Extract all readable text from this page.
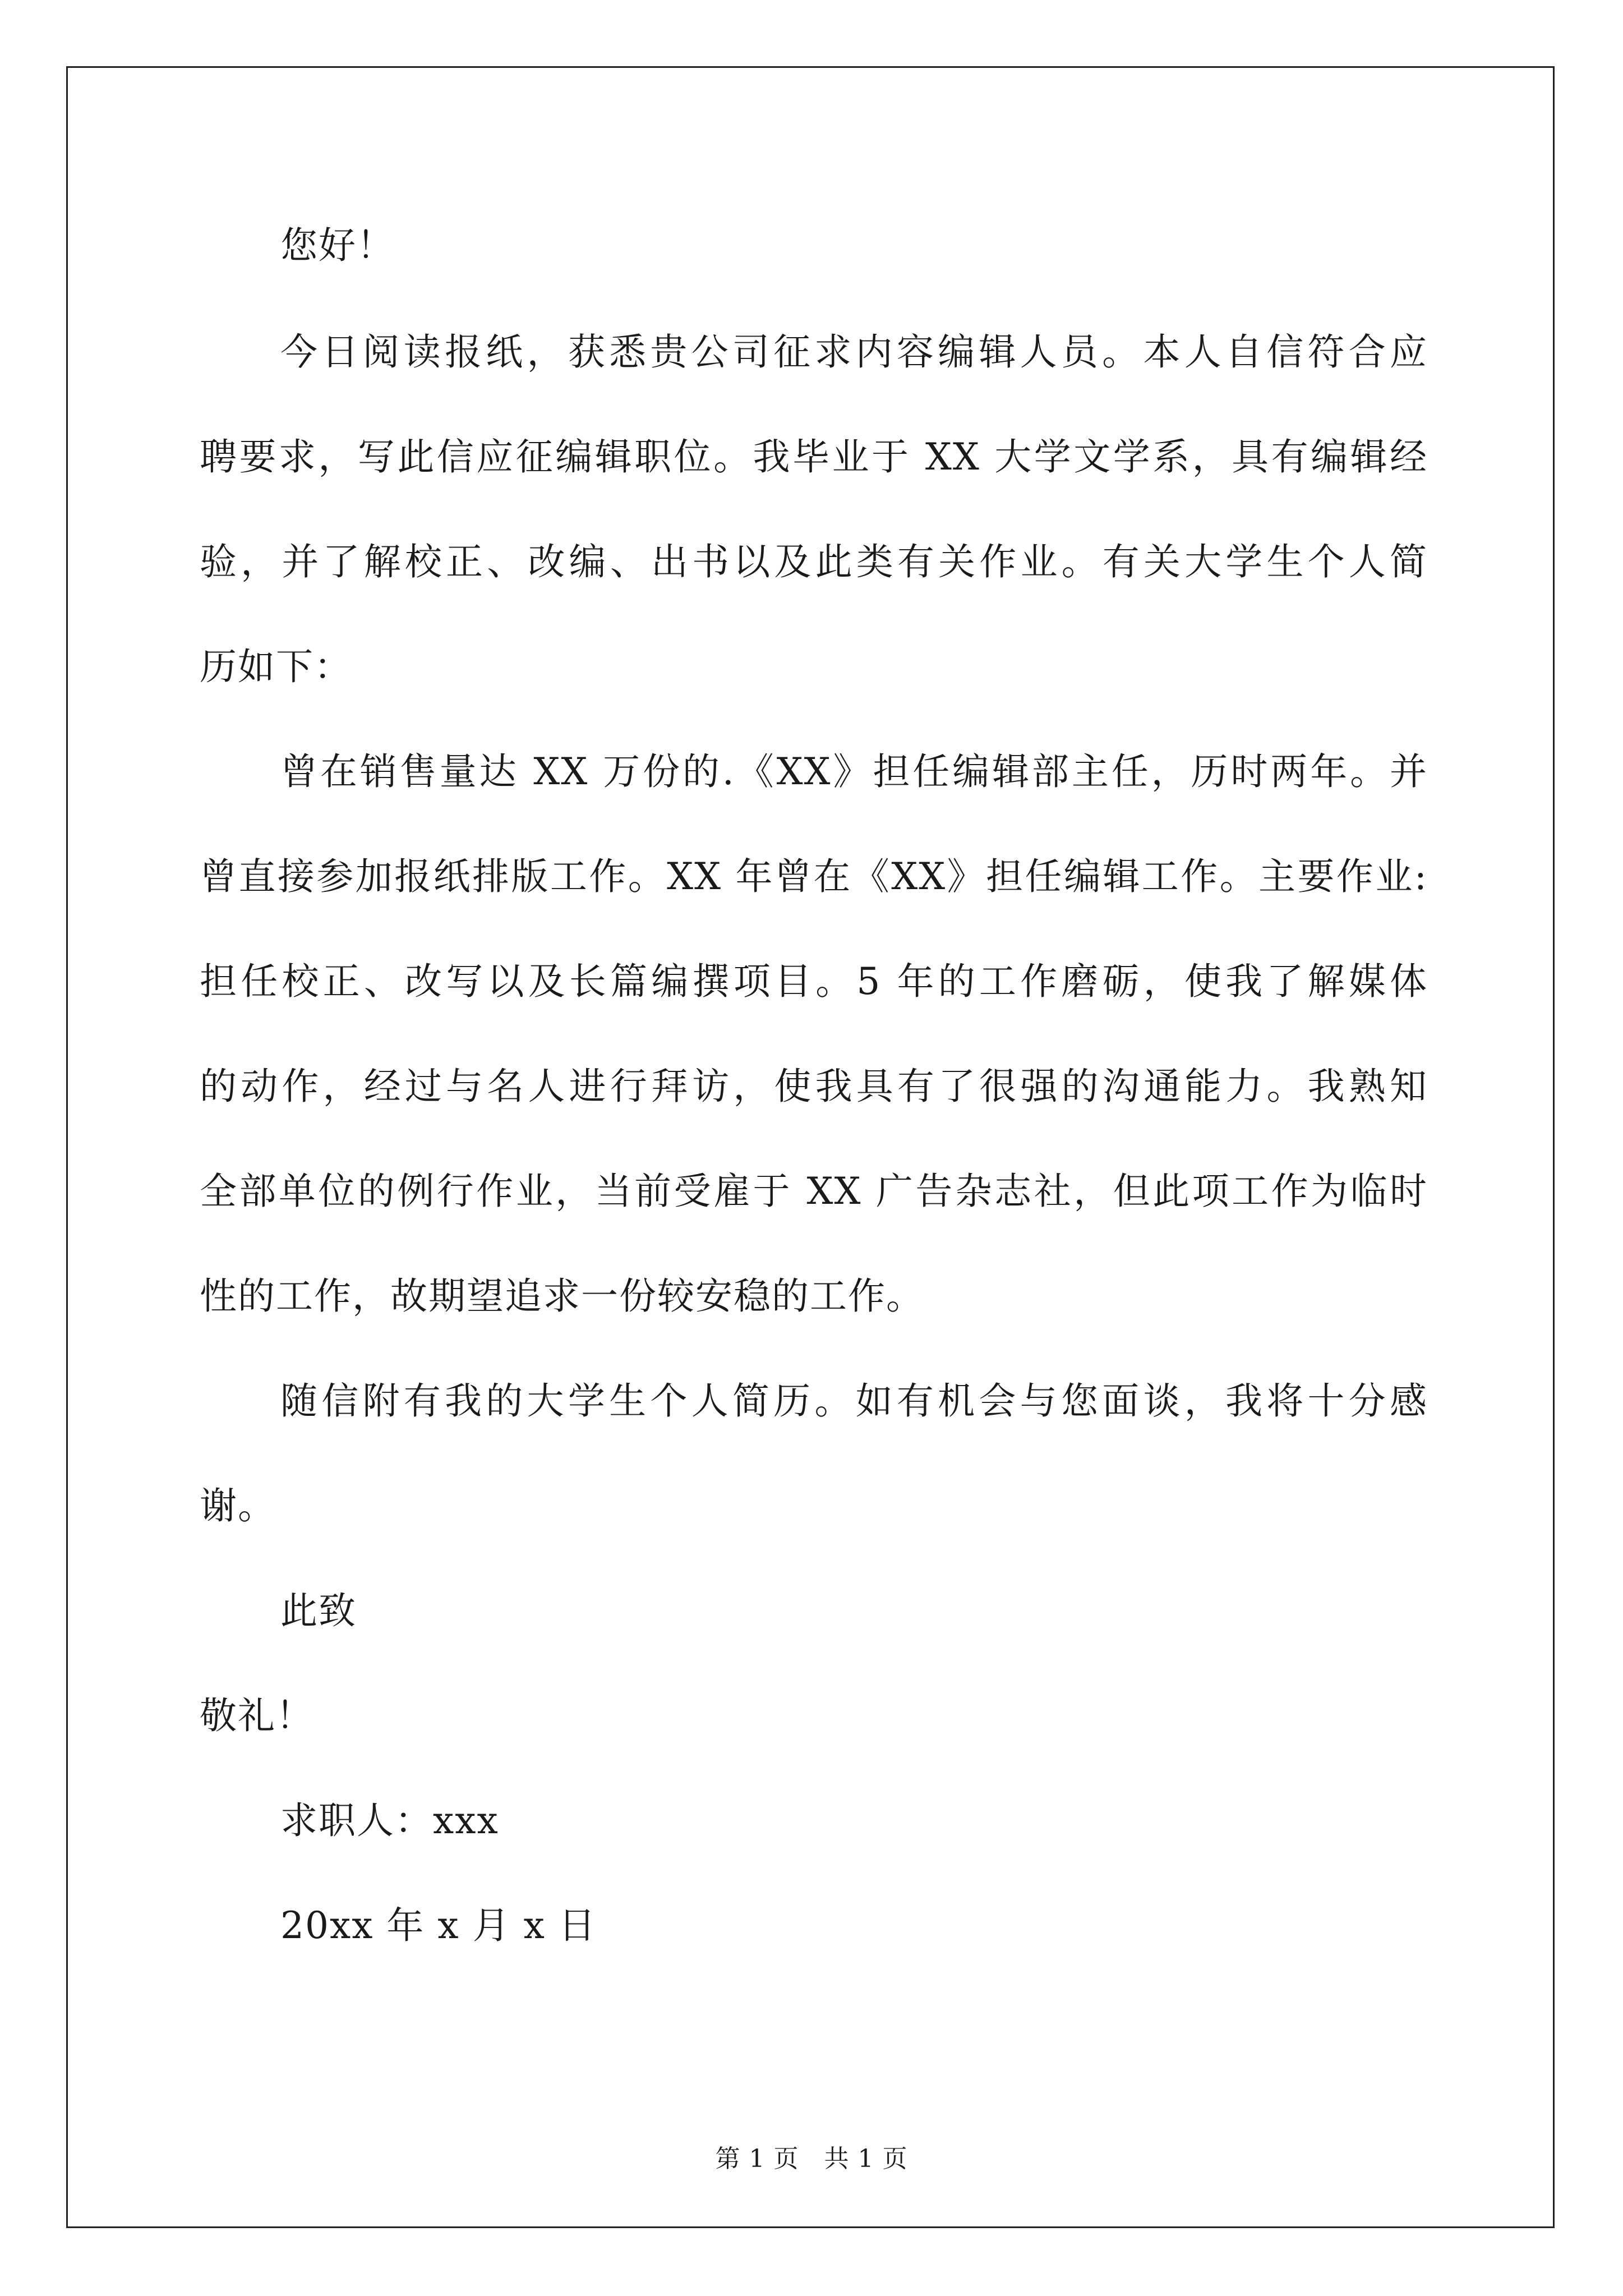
您好！
今日阅读报纸，获悉贵公司征求内容编辑人员。本人自信符合应
聘要求，写此信应征编辑职位。我毕业于 XX 大学文学系，具有编辑经
验，并了解校正、改编、出书以及此类有关作业。有关大学生个人简
历如下：
曾在销售量达 XX 万份的.《XX》担任编辑部主任，历时两年。并
曾直接参加报纸排版工作。XX 年曾在《XX》担任编辑工作。主要作业:
担任校正、改写以及长篇编撰项目。5 年的工作磨砺，使我了解媒体
的动作，经过与名人进行拜访，使我具有了很强的沟通能力。我熟知
全部单位的例行作业，当前受雇于 XX 广告杂志社，但此项工作为临时
性的工作，故期望追求一份较安稳的工作。
随信附有我的大学生个人简历。如有机会与您面谈，我将十分感
谢。
此致
敬礼！
求职人：xxx
20xx 年 x 月 x 日
第 1 页　共 1 页
